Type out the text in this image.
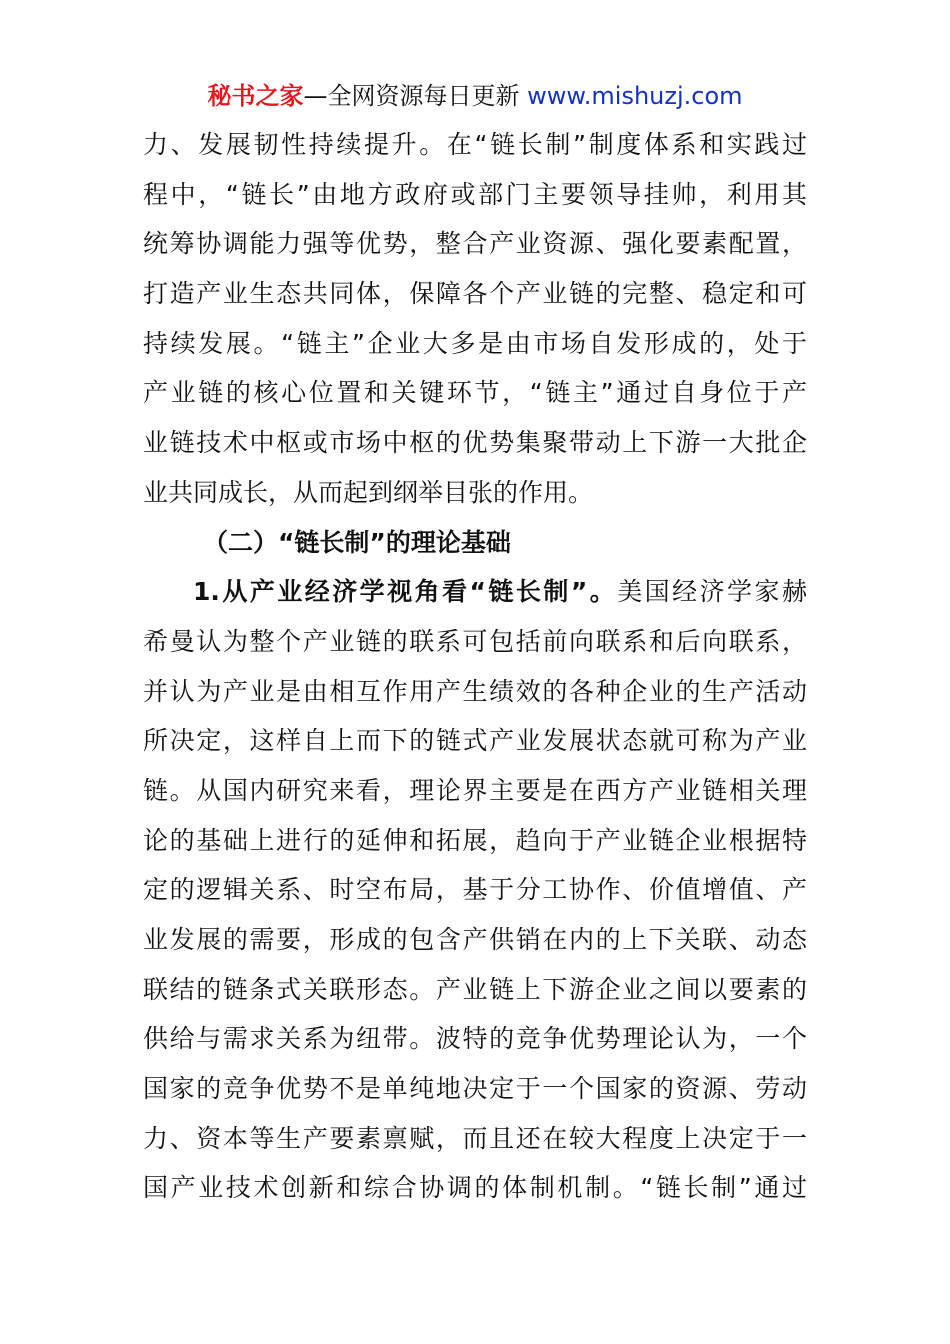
秘书之家—全网资源每日更新 www.mishuzj.com
力、发展韧性持续提升。在“链长制”制度体系和实践过
程中，“链长”由地方政府或部门主要领导挂帅，利用其
统筹协调能力强等优势，整合产业资源、强化要素配置，
打造产业生态共同体，保障各个产业链的完整、稳定和可
持续发展。“链主”企业大多是由市场自发形成的，处于
产业链的核心位置和关键环节，“链主”通过自身位于产
业链技术中枢或市场中枢的优势集聚带动上下游一大批企
业共同成长，从而起到纲举目张的作用。
（二）“链长制”的理论基础
1.从产业经济学视角看“链长制”。美国经济学家赫
希曼认为整个产业链的联系可包括前向联系和后向联系，
并认为产业是由相互作用产生绩效的各种企业的生产活动
所决定，这样自上而下的链式产业发展状态就可称为产业
链。从国内研究来看，理论界主要是在西方产业链相关理
论的基础上进行的延伸和拓展，趋向于产业链企业根据特
定的逻辑关系、时空布局，基于分工协作、价值增值、产
业发展的需要，形成的包含产供销在内的上下关联、动态
联结的链条式关联形态。产业链上下游企业之间以要素的
供给与需求关系为纽带。波特的竞争优势理论认为，一个
国家的竞争优势不是单纯地决定于一个国家的资源、劳动
力、资本等生产要素禀赋，而且还在较大程度上决定于一
国产业技术创新和综合协调的体制机制。“链长制”通过
